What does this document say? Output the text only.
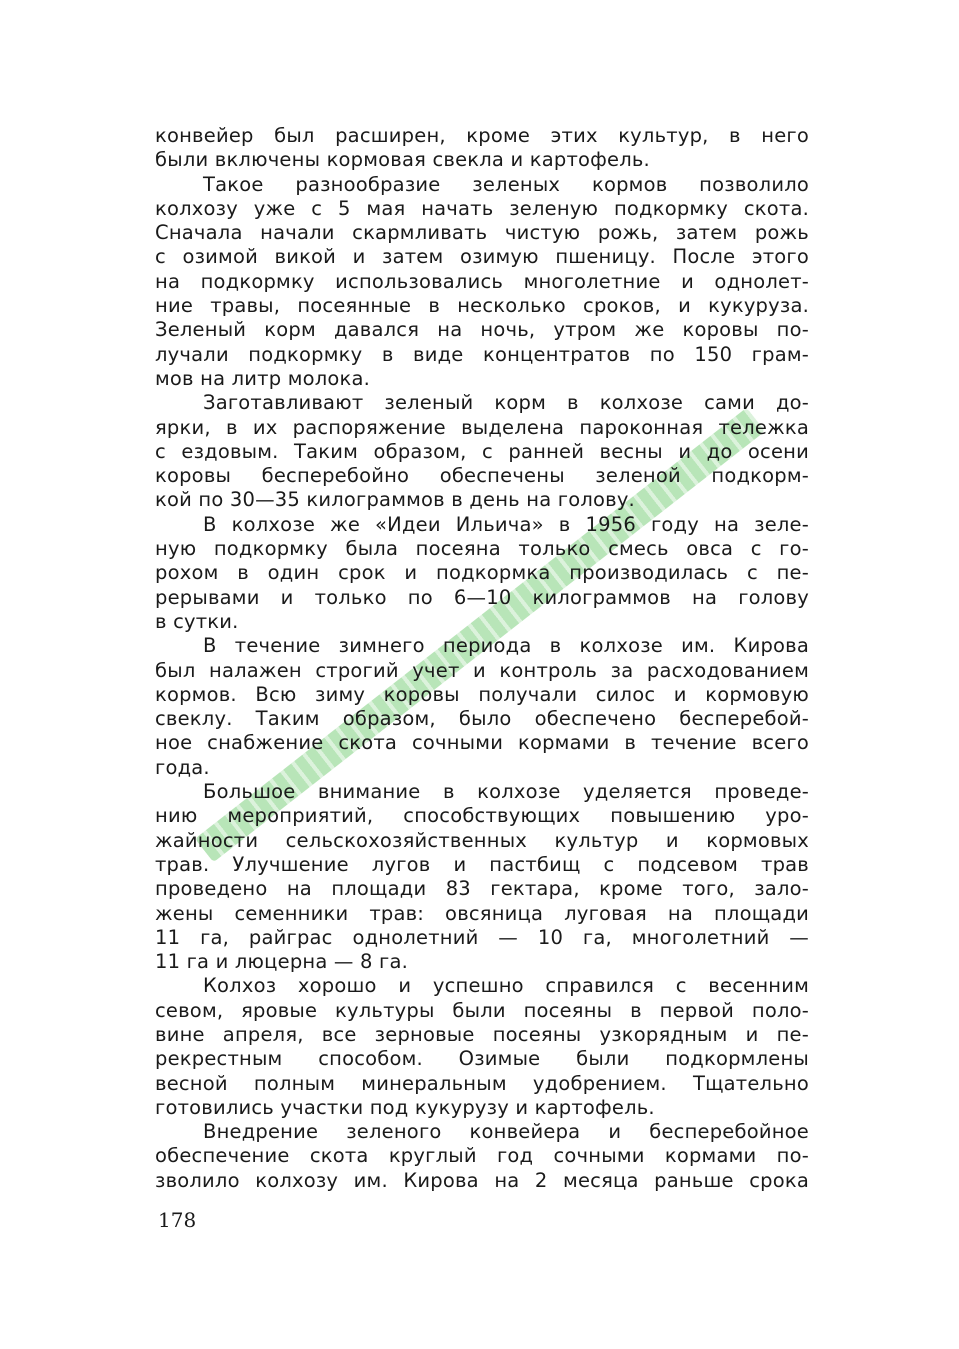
конвейер был расширен, кроме этих культур, в него
были включены кормовая свекла и картофель.
Такое разнообразие зеленых кормов позволило
колхозу уже с 5 мая начать зеленую подкормку скота.
Сначала начали скармливать чистую рожь, затем рожь
с озимой викой и затем озимую пшеницу. После этого
на подкормку использовались многолетние и однолет-
ние травы, посеянные в несколько сроков, и кукуруза.
Зеленый корм давался на ночь, утром же коровы по-
лучали подкормку в виде концентратов по 150 грам-
мов на литр молока.
Заготавливают зеленый корм в колхозе сами до-
ярки, в их распоряжение выделена пароконная тележка
с ездовым. Таким образом, с ранней весны и до осени
коровы бесперебойно обеспечены зеленой подкорм-
кой по 30—35 килограммов в день на голову.
В колхозе же «Идеи Ильича» в 1956 году на зеле-
ную подкормку была посеяна только смесь овса с го-
рохом в один срок и подкормка производилась с пе-
рерывами и только по 6—10 килограммов на голову
в сутки.
В течение зимнего периода в колхозе им. Кирова
был налажен строгий учет и контроль за расходованием
кормов. Всю зиму коровы получали силос и кормовую
свеклу. Таким образом, было обеспечено бесперебой-
ное снабжение скота сочными кормами в течение всего
года.
Большое внимание в колхозе уделяется проведе-
нию мероприятий, способствующих повышению уро-
жайности сельскохозяйственных культур и кормовых
трав. Улучшение лугов и пастбищ с подсевом трав
проведено на площади 83 гектара, кроме того, зало-
жены семенники трав: овсяница луговая на площади
11 га, райграс однолетний — 10 га, многолетний —
11 га и люцерна — 8 га.
Колхоз хорошо и успешно справился с весенним
севом, яровые культуры были посеяны в первой поло-
вине апреля, все зерновые посеяны узкорядным и пе-
рекрестным способом. Озимые были подкормлены
весной полным минеральным удобрением. Тщательно
готовились участки под кукурузу и картофель.
Внедрение зеленого конвейера и бесперебойное
обеспечение скота круглый год сочными кормами по-
зволило колхозу им. Кирова на 2 месяца раньше срока
178
